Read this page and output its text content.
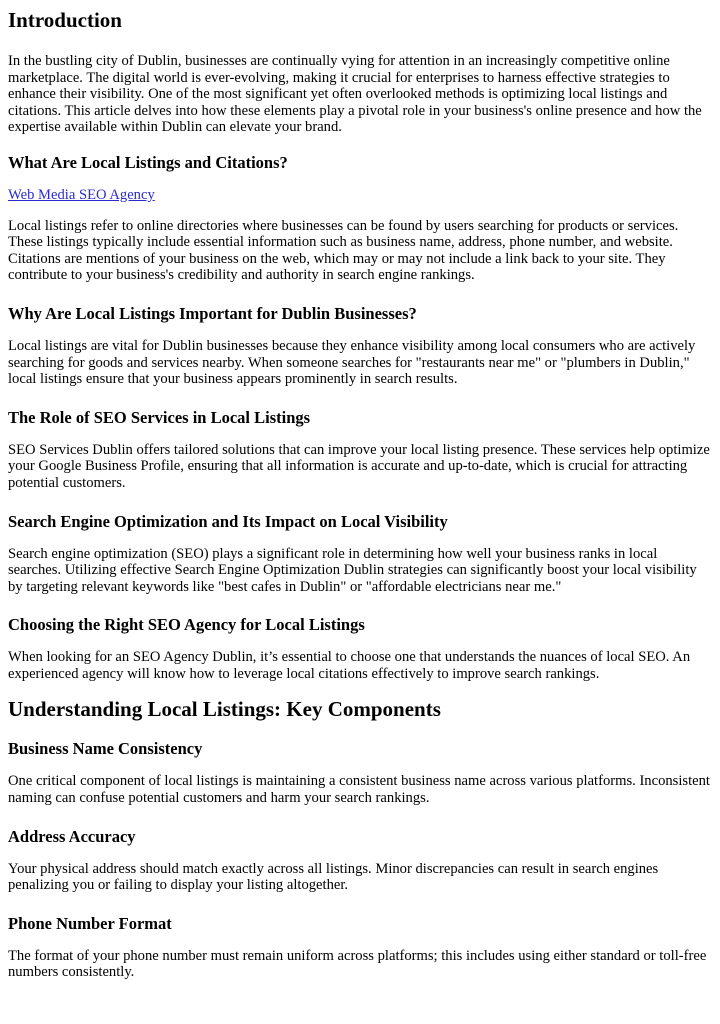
Introduction

In the bustling city of Dublin, businesses are continually vying for attention in an increasingly competitive online marketplace. The digital world is ever-evolving, making it crucial for enterprises to harness effective strategies to enhance their visibility. One of the most significant yet often overlooked methods is optimizing local listings and citations. This article delves into how these elements play a pivotal role in your business's online presence and how the expertise available within Dublin can elevate your brand.

What Are Local Listings and Citations?

Web Media SEO Agency

Local listings refer to online directories where businesses can be found by users searching for products or services. These listings typically include essential information such as business name, address, phone number, and website. Citations are mentions of your business on the web, which may or may not include a link back to your site. They contribute to your business's credibility and authority in search engine rankings.

Why Are Local Listings Important for Dublin Businesses?

Local listings are vital for Dublin businesses because they enhance visibility among local consumers who are actively searching for goods and services nearby. When someone searches for "restaurants near me" or "plumbers in Dublin," local listings ensure that your business appears prominently in search results.

The Role of SEO Services in Local Listings

SEO Services Dublin offers tailored solutions that can improve your local listing presence. These services help optimize your Google Business Profile, ensuring that all information is accurate and up-to-date, which is crucial for attracting potential customers.

Search Engine Optimization and Its Impact on Local Visibility

Search engine optimization (SEO) plays a significant role in determining how well your business ranks in local searches. Utilizing effective Search Engine Optimization Dublin strategies can significantly boost your local visibility by targeting relevant keywords like "best cafes in Dublin" or "affordable electricians near me."

Choosing the Right SEO Agency for Local Listings

When looking for an SEO Agency Dublin, it’s essential to choose one that understands the nuances of local SEO. An experienced agency will know how to leverage local citations effectively to improve search rankings.

Understanding Local Listings: Key Components
Business Name Consistency

One critical component of local listings is maintaining a consistent business name across various platforms. Inconsistent naming can confuse potential customers and harm your search rankings.

Address Accuracy

Your physical address should match exactly across all listings. Minor discrepancies can result in search engines penalizing you or failing to display your listing altogether.

Phone Number Format

The format of your phone number must remain uniform across platforms; this includes using either standard or toll-free numbers consistently.
